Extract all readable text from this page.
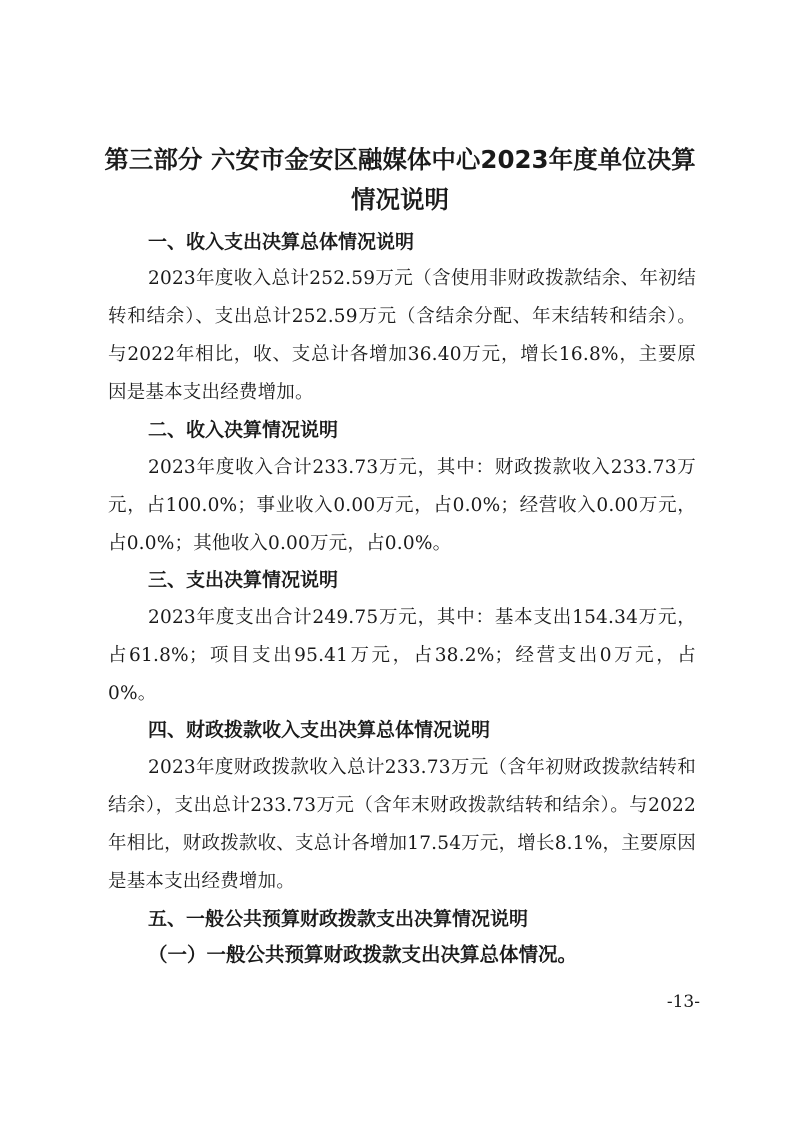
第三部分 六安市金安区融媒体中心2023年度单位决算情况说明
一、收入支出决算总体情况说明

2023年度收入总计252.59万元（含使用非财政拨款结余、年初结转和结余）、支出总计252.59万元（含结余分配、年末结转和结余）。与2022年相比，收、支总计各增加36.40万元，增长16.8%，主要原因是基本支出经费增加。

二、收入决算情况说明

2023年度收入合计233.73万元，其中：财政拨款收入233.73万元，占100.0%；事业收入0.00万元，占0.0%；经营收入0.00万元，占0.0%；其他收入0.00万元，占0.0%。

三、支出决算情况说明

2023年度支出合计249.75万元，其中：基本支出154.34万元，占61.8%；项目支出95.41万元，占38.2%；经营支出0万元，占0%。

四、财政拨款收入支出决算总体情况说明

2023年度财政拨款收入总计233.73万元（含年初财政拨款结转和结余），支出总计233.73万元（含年末财政拨款结转和结余）。与2022年相比，财政拨款收、支总计各增加17.54万元，增长8.1%，主要原因是基本支出经费增加。

五、一般公共预算财政拨款支出决算情况说明
（一）一般公共预算财政拨款支出决算总体情况。
-13-
